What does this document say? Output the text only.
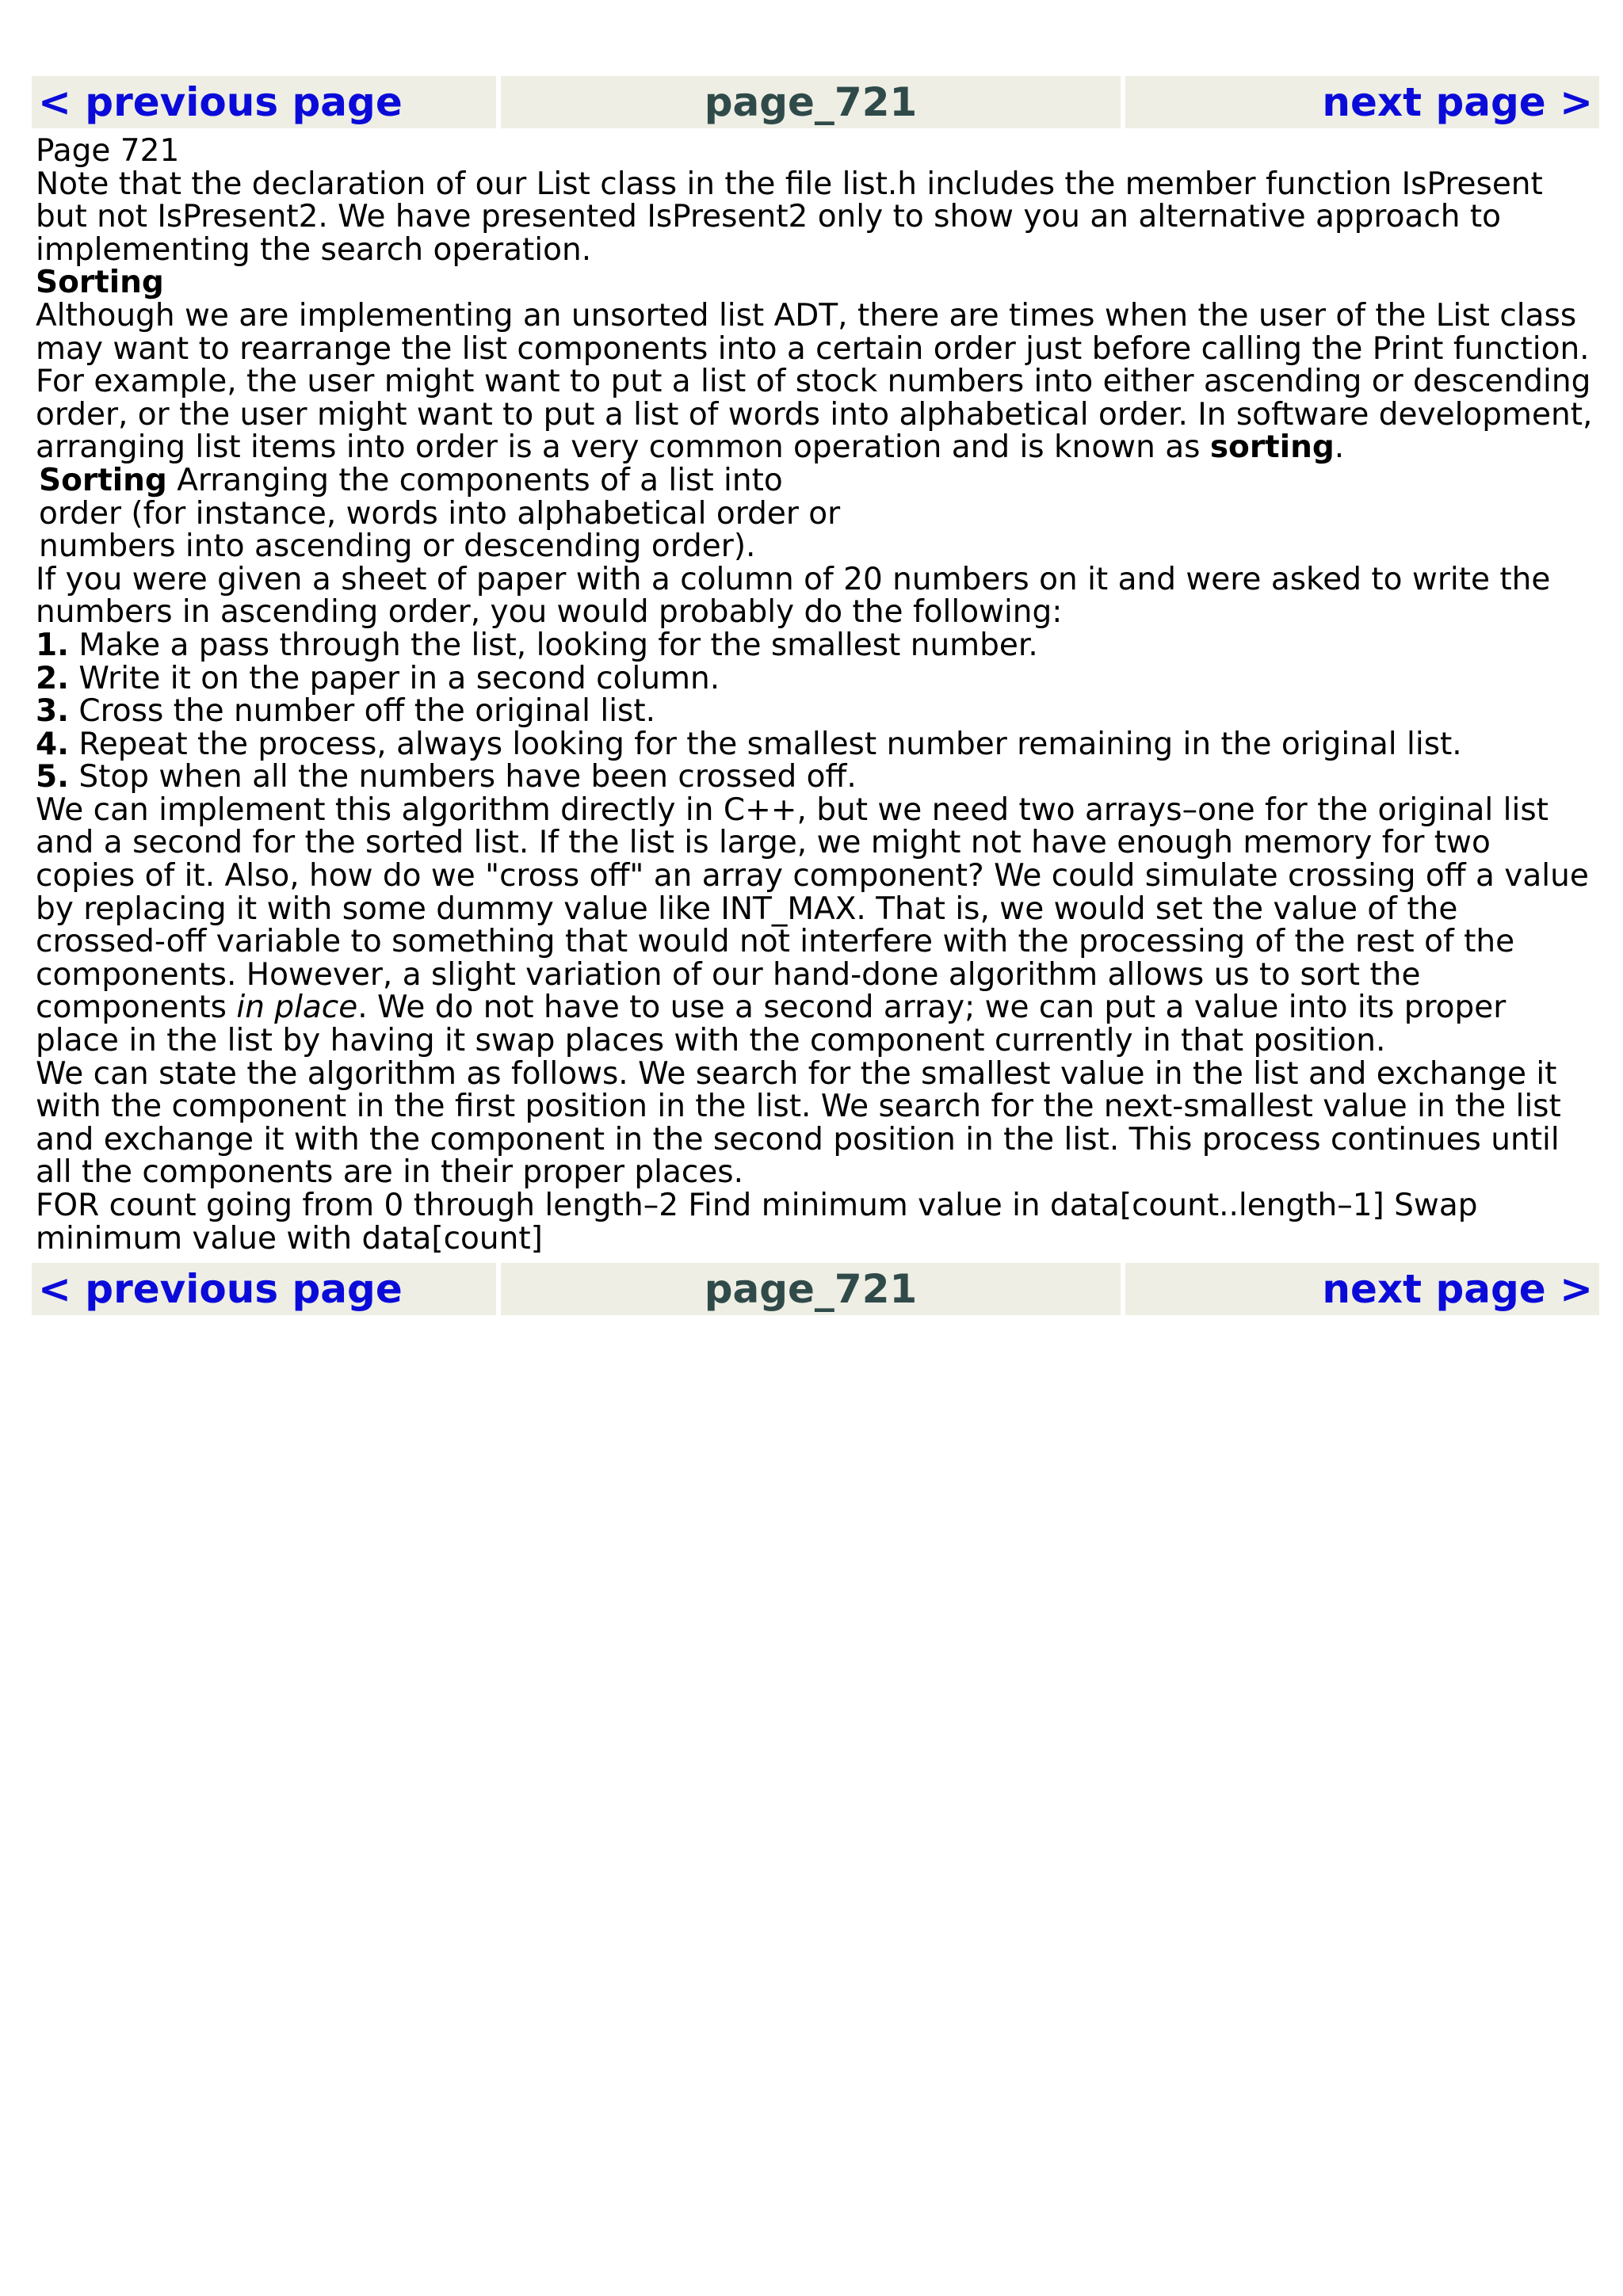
< previous page	page_721	next page >

Page 721

Note that the declaration of our List class in the file list.h includes the member function IsPresent but not IsPresent2. We have presented IsPresent2 only to show you an alternative approach to implementing the search operation.

Sorting

Although we are implementing an unsorted list ADT, there are times when the user of the List class may want to rearrange the list components into a certain order just before calling the Print function. For example, the user might want to put a list of stock numbers into either ascending or descending order, or the user might want to put a list of words into alphabetical order. In software development, arranging list items into order is a very common operation and is known as sorting.

Sorting Arranging the components of a list into

order (for instance, words into alphabetical order or

numbers into ascending or descending order).

If you were given a sheet of paper with a column of 20 numbers on it and were asked to write the numbers in ascending order, you would probably do the following:

1. Make a pass through the list, looking for the smallest number.

2. Write it on the paper in a second column.

3. Cross the number off the original list.

4. Repeat the process, always looking for the smallest number remaining in the original list.

5. Stop when all the numbers have been crossed off.

We can implement this algorithm directly in C++, but we need two arrays–one for the original list and a second for the sorted list. If the list is large, we might not have enough memory for two copies of it. Also, how do we "cross off" an array component? We could simulate crossing off a value by replacing it with some dummy value like INT_MAX. That is, we would set the value of the crossed-off variable to something that would not interfere with the processing of the rest of the components. However, a slight variation of our hand-done algorithm allows us to sort the components in place. We do not have to use a second array; we can put a value into its proper place in the list by having it swap places with the component currently in that position.

We can state the algorithm as follows. We search for the smallest value in the list and exchange it with the component in the first position in the list. We search for the next-smallest value in the list and exchange it with the component in the second position in the list. This process continues until all the components are in their proper places.

FOR count going from 0 through length–2 Find minimum value in data[count..length–1] Swap minimum value with data[count]

< previous page	page_721	next page >
